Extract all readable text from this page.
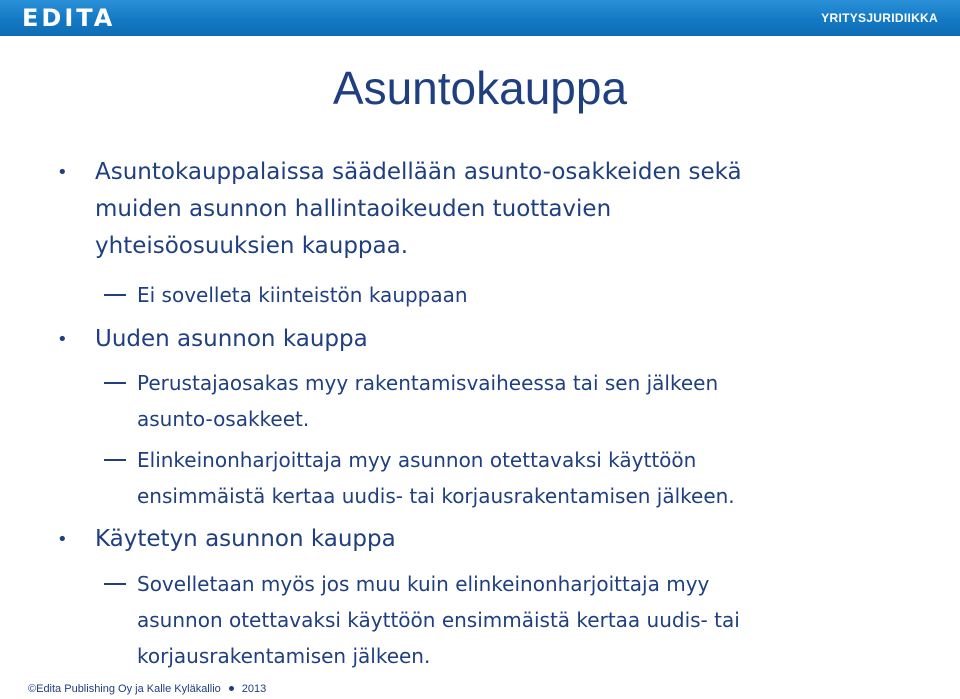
EDITA	YRITYSJURIDIIKKA
Asuntokauppa
• Asuntokauppalaissa säädellään asunto-osakkeiden sekä
muiden asunnon hallintaoikeuden tuottavien
yhteisöosuuksien kauppaa.
Ei sovelleta kiinteistön kauppaan
• Uuden asunnon kauppa
Perustajaosakas myy rakentamisvaiheessa tai sen jälkeen
asunto-osakkeet.
Elinkeinonharjoittaja myy asunnon otettavaksi käyttöön
ensimmäistä kertaa uudis- tai korjausrakentamisen jälkeen.
• Käytetyn asunnon kauppa
Sovelletaan myös jos muu kuin elinkeinonharjoittaja myy
asunnon otettavaksi käyttöön ensimmäistä kertaa uudis- tai
korjausrakentamisen jälkeen.
©Edita Publishing Oy ja Kalle Kyläkallio 2013
